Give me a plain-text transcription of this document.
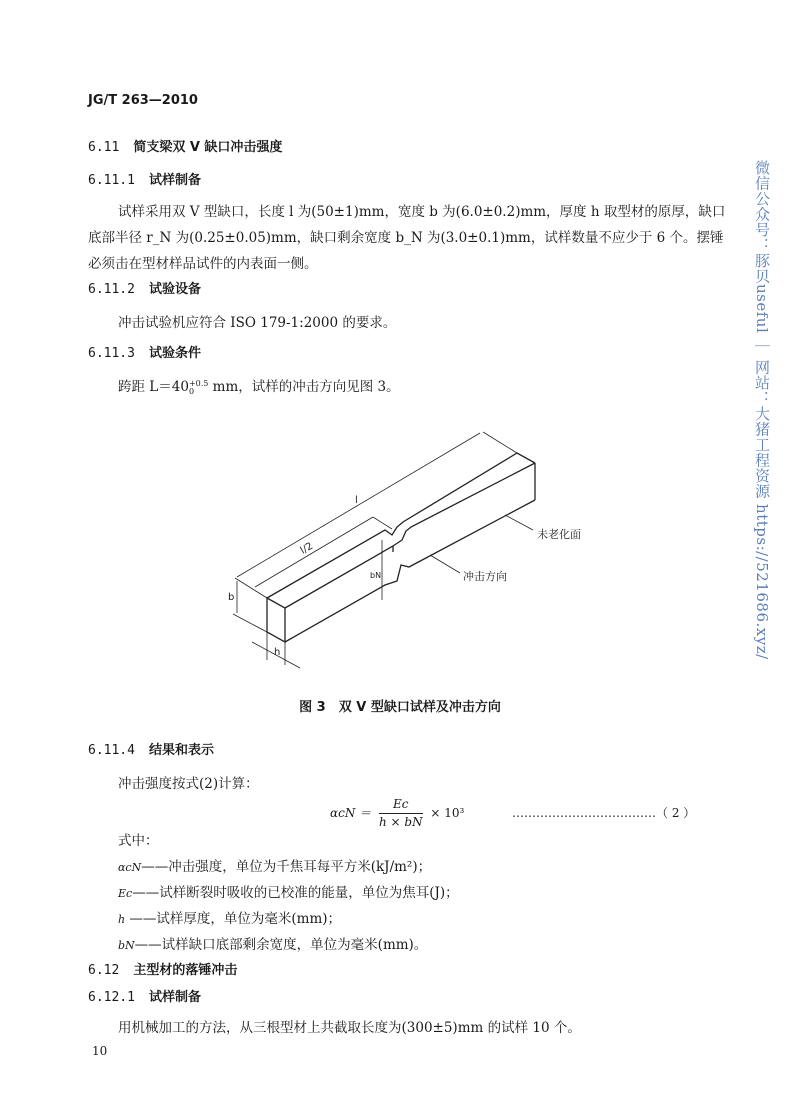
JG/T 263—2010
微信公众号：豚贝useful ｜ 网站：大猪工程资源 https://521686.xyz/
6.11 简支梁双 V 缺口冲击强度
6.11.1 试样制备
试样采用双 V 型缺口，长度 l 为(50±1)mm，宽度 b 为(6.0±0.2)mm，厚度 h 取型材的原厚，缺口
底部半径 r_N 为(0.25±0.05)mm，缺口剩余宽度 b_N 为(3.0±0.1)mm，试样数量不应少于 6 个。摆锤
必须击在型材样品试件的内表面一侧。
6.11.2 试验设备
冲击试验机应符合 ISO 179-1:2000 的要求。
6.11.3 试验条件
跨距 L＝40 +0.5
0	mm，试样的冲击方向见图 3。
l
l/2
b
h
bN
未老化面
冲击方向
图 3　双 V 型缺口试样及冲击方向
6.11.4 结果和表示
冲击强度按式(2)计算：
$\alpha cN = \frac{Ec}{h \times bN} \times 10^3$	………………………………（ 2 ）
式中：
αcN——冲击强度，单位为千焦耳每平方米(kJ/m²)；
Ec——试样断裂时吸收的已校准的能量，单位为焦耳(J)；
h ——试样厚度，单位为毫米(mm)；
bN——试样缺口底部剩余宽度，单位为毫米(mm)。
6.12 主型材的落锤冲击
6.12.1 试样制备
用机械加工的方法，从三根型材上共截取长度为(300±5)mm 的试样 10 个。
10
